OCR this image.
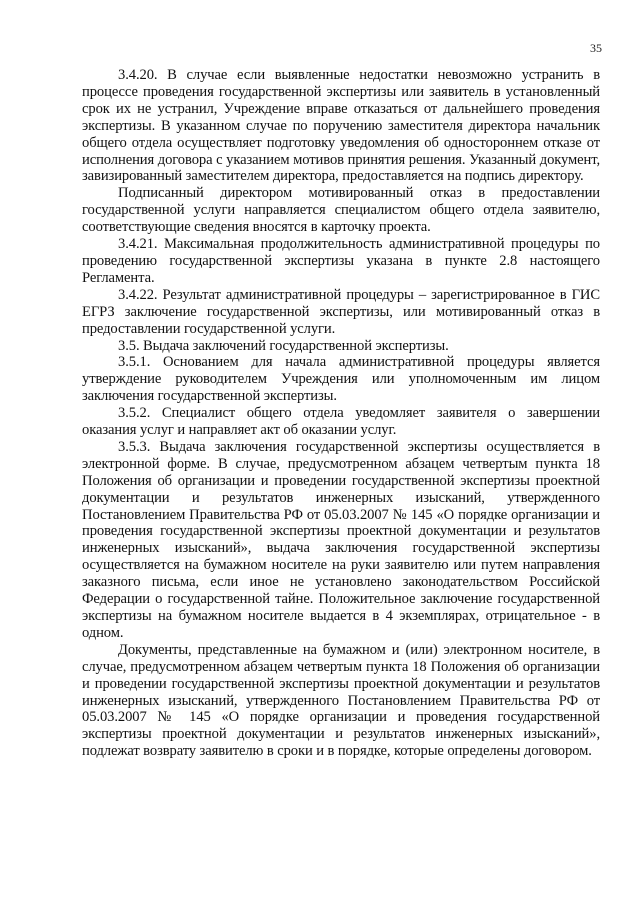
35

3.4.20. В случае если выявленные недостатки невозможно устранить в процессе проведения государственной экспертизы или заявитель в установленный срок их не устранил, Учреждение вправе отказаться от дальнейшего проведения экспертизы. В указанном случае по поручению заместителя директора начальник общего отдела осуществляет подготовку уведомления об одностороннем отказе от исполнения договора с указанием мотивов принятия решения. Указанный документ, завизированный заместителем директора, предоставляется на подпись директору.

Подписанный директором мотивированный отказ в предоставлении государственной услуги направляется специалистом общего отдела заявителю, соответствующие сведения вносятся в карточку проекта.

3.4.21. Максимальная продолжительность административной процедуры по проведению государственной экспертизы указана в пункте 2.8 настоящего Регламента.

3.4.22. Результат административной процедуры – зарегистрированное в ГИС ЕГРЗ заключение государственной экспертизы, или мотивированный отказ в предоставлении государственной услуги.

3.5. Выдача заключений государственной экспертизы.

3.5.1. Основанием для начала административной процедуры является утверждение руководителем Учреждения или уполномоченным им лицом заключения государственной экспертизы.

3.5.2. Специалист общего отдела уведомляет заявителя о завершении оказания услуг и направляет акт об оказании услуг.

3.5.3. Выдача заключения государственной экспертизы осуществляется в электронной форме. В случае, предусмотренном абзацем четвертым пункта 18 Положения об организации и проведении государственной экспертизы проектной документации и результатов инженерных изысканий, утвержденного Постановлением Правительства РФ от 05.03.2007 № 145 «О порядке организации и проведения государственной экспертизы проектной документации и результатов инженерных изысканий», выдача заключения государственной экспертизы осуществляется на бумажном носителе на руки заявителю или путем направления заказного письма, если иное не установлено законодательством Российской Федерации о государственной тайне. Положительное заключение государственной экспертизы на бумажном носителе выдается в 4 экземплярах, отрицательное - в одном.

Документы, представленные на бумажном и (или) электронном носителе, в случае, предусмотренном абзацем четвертым пункта 18 Положения об организации и проведении государственной экспертизы проектной документации и результатов инженерных изысканий, утвержденного Постановлением Правительства РФ от 05.03.2007 № 145 «О порядке организации и проведения государственной экспертизы проектной документации и результатов инженерных изысканий», подлежат возврату заявителю в сроки и в порядке, которые определены договором.
